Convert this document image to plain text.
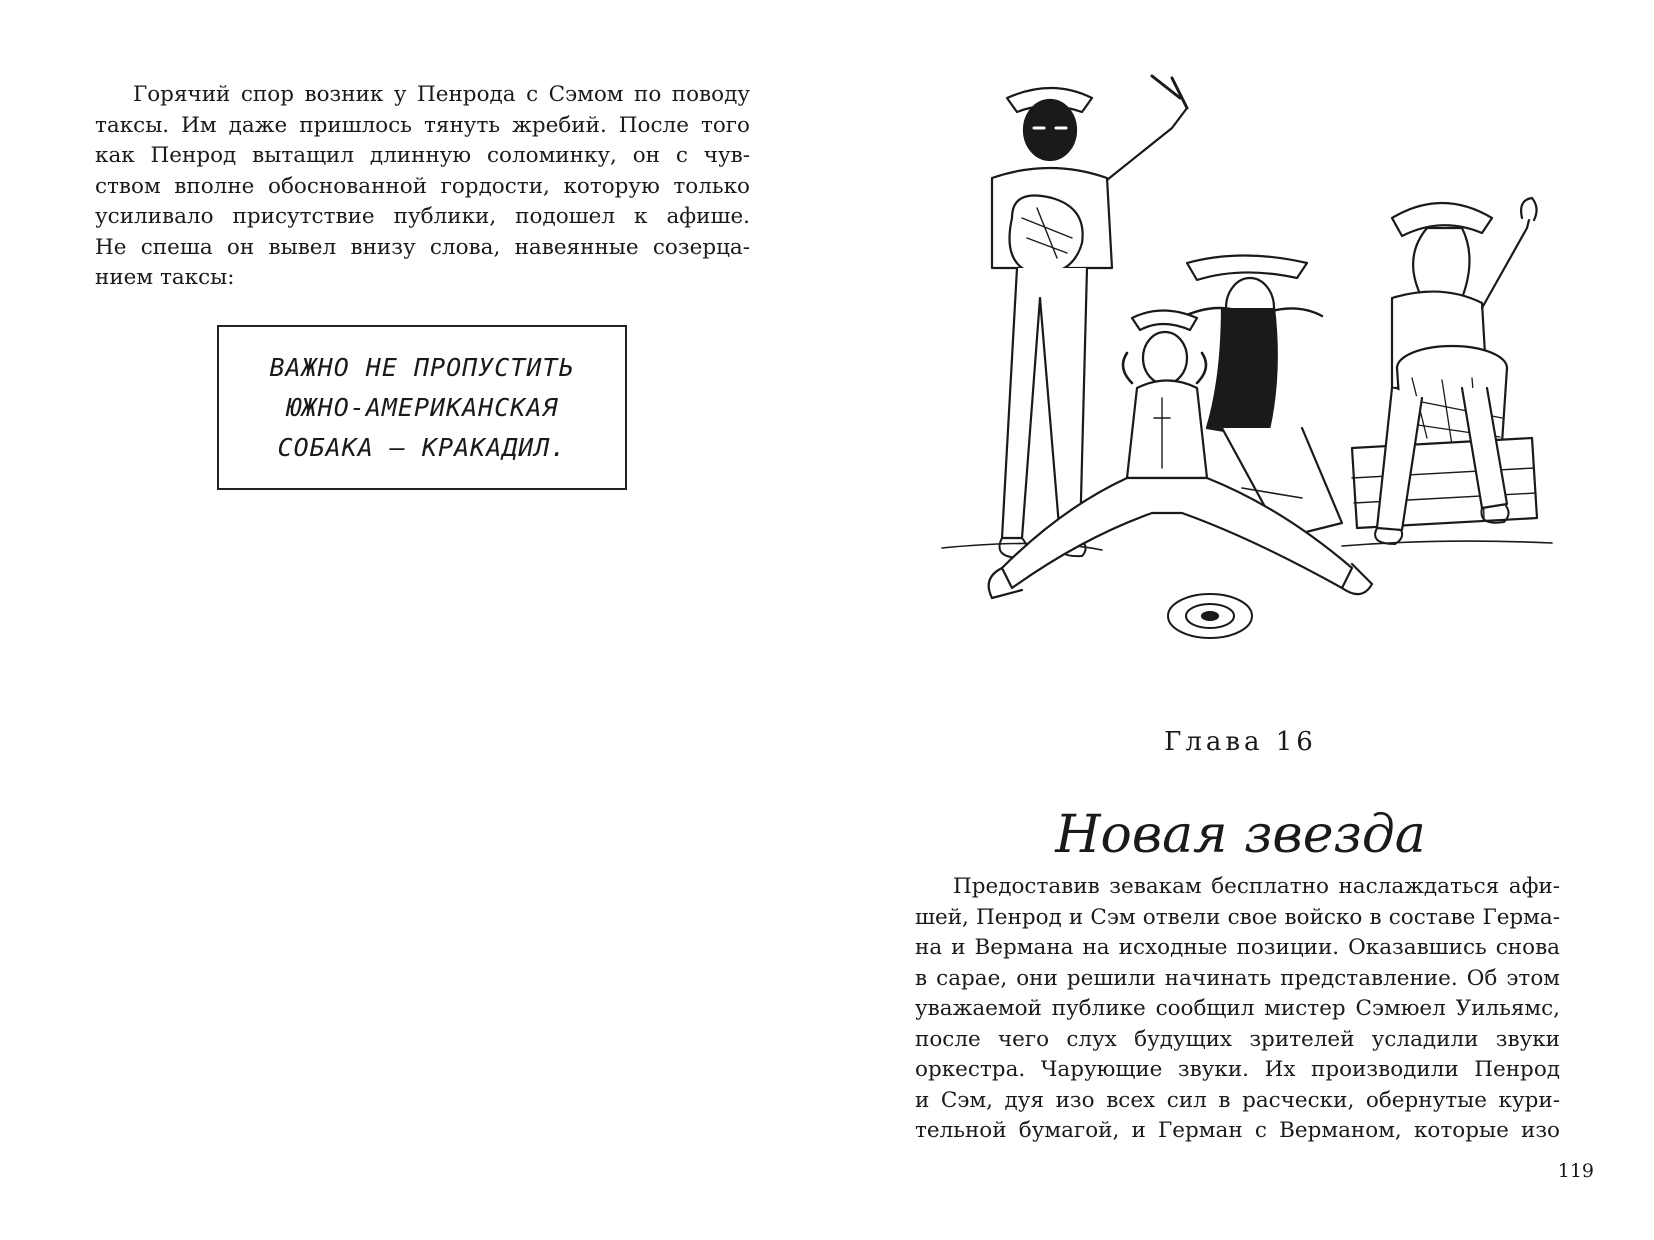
Горячий спор возник у Пенрода с Сэмом по поводу
таксы. Им даже пришлось тянуть жребий. После того
как Пенрод вытащил длинную соломинку, он с чув-
ством вполне обоснованной гордости, которую только
усиливало присутствие публики, подошел к афише.
Не спеша он вывел внизу слова, навеянные созерца-
нием таксы:
ВАЖНО НЕ ПРОПУСТИТЬ
ЮЖНО-АМЕРИКАНСКАЯ
СОБАКА – КРАКАДИЛ.
Глава 16
Новая звезда
Предоставив зевакам бесплатно наслаждаться афи-
шей, Пенрод и Сэм отвели свое войско в составе Герма-
на и Вермана на исходные позиции. Оказавшись снова
в сарае, они решили начинать представление. Об этом
уважаемой публике сообщил мистер Сэмюел Уильямс,
после чего слух будущих зрителей усладили звуки
оркестра. Чарующие звуки. Их производили Пенрод
и Сэм, дуя изо всех сил в расчески, обернутые кури-
тельной бумагой, и Герман с Верманом, которые изо
119
